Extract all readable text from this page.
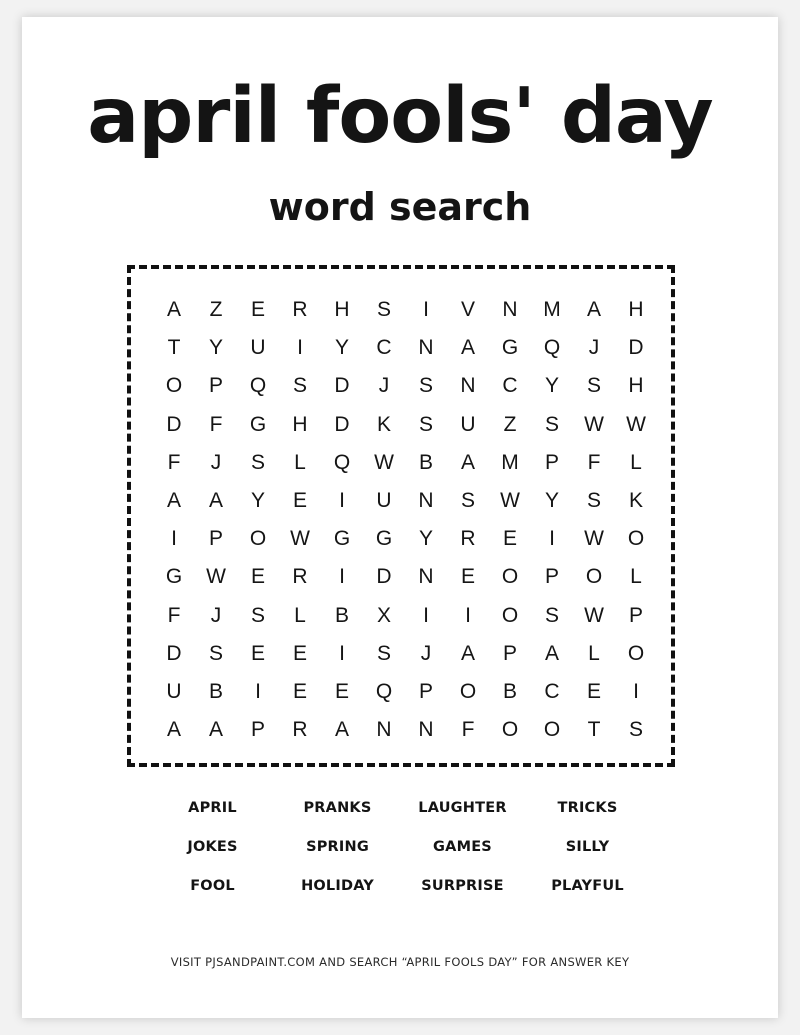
april fools' day
word search
A Z E R H S I V N M A H
T Y U I Y C N A G Q J D
O P Q S D J S N C Y S H
D F G H D K S U Z S W W
F J S L Q W B A M P F L
A A Y E I U N S W Y S K
I P O W G G Y R E I W O
G W E R I D N E O P O L
F J S L B X I I O S W P
D S E E I S J A P A L O
U B I E E Q P O B C E I
A A P R A N N F O O T S
APRIL	PRANKS	LAUGHTER	TRICKS
JOKES	SPRING	GAMES	SILLY
FOOL	HOLIDAY	SURPRISE	PLAYFUL
VISIT PJSANDPAINT.COM AND SEARCH “APRIL FOOLS DAY” FOR ANSWER KEY
